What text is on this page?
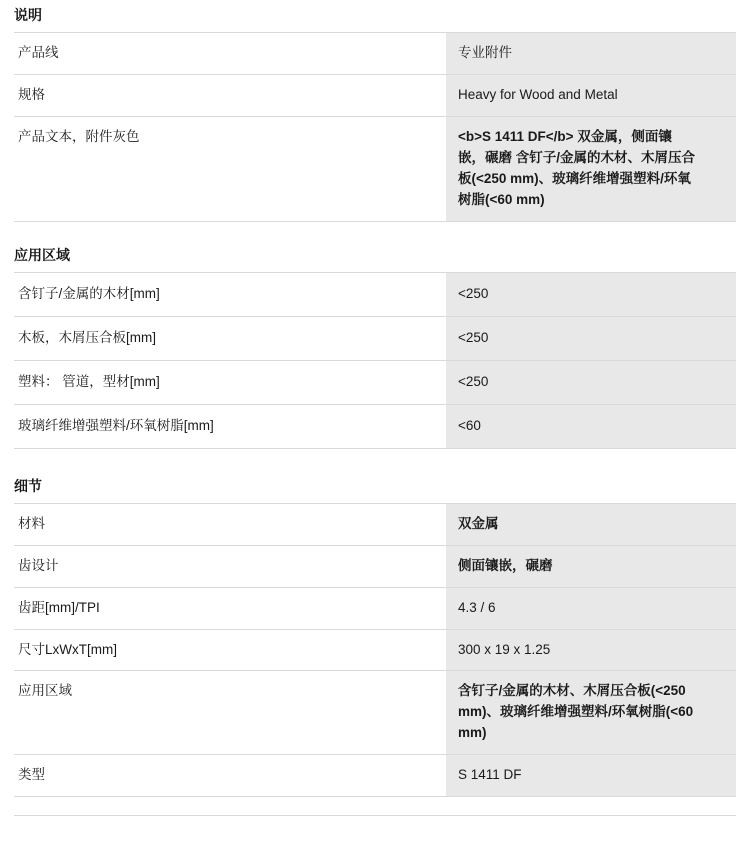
说明
产品线	专业附件
规格	Heavy for Wood and Metal
产品文本，附件灰色	<b>S 1411 DF</b> 双金属，侧面镶嵌，碾磨 含钉子/金属的木材、木屑压合板(<250 mm)、玻璃纤维增强塑料/环氧树脂(<60 mm)
应用区域
含钉子/金属的木材[mm]	<250
木板，木屑压合板[mm]	<250
塑料： 管道，型材[mm]	<250
玻璃纤维增强塑料/环氧树脂[mm]	<60
细节
材料	双金属
齿设计	侧面镶嵌，碾磨
齿距[mm]/TPI	4.3 / 6
尺寸LxWxT[mm]	300 x 19 x 1.25
应用区域	含钉子/金属的木材、木屑压合板(<250 mm)、玻璃纤维增强塑料/环氧树脂(<60 mm)
类型	S 1411 DF
